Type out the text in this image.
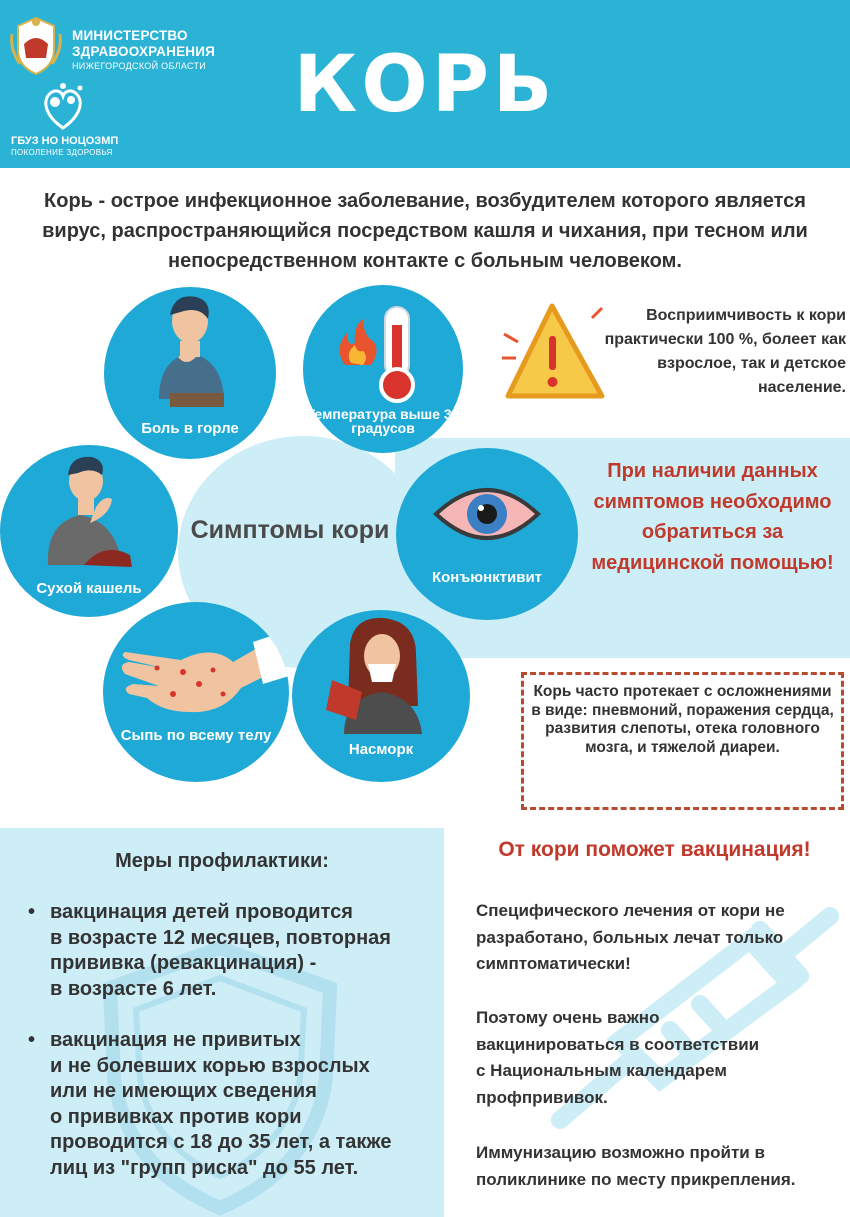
МИНИСТЕРСТВО
ЗДРАВООХРАНЕНИЯ
НИЖЕГОРОДСКОЙ ОБЛАСТИ
ГБУЗ НО НОЦОЗМП
ПОКОЛЕНИЕ ЗДОРОВЬЯ
КОРЬ
Корь - острое инфекционное заболевание, возбудителем которого является вирус, распространяющийся посредством кашля и чихания, при тесном или непосредственном контакте с больным человеком.
Симптомы кори
Боль в горле
Температура выше 38 градусов
Сухой кашель
Конъюнктивит
Сыпь по всему телу
Насморк
Восприимчивость к кори практически 100 %, болеет как взрослое, так и детское население.
При наличии данных симптомов необходимо обратиться за медицинской помощью!
Корь часто протекает с осложнениями в виде: пневмоний, поражения сердца, развития слепоты, отека головного мозга, и тяжелой диареи.
Меры профилактики:
• вакцинация детей проводится
в возрасте 12 месяцев, повторная
прививка (ревакцинация) -
в возрасте 6 лет.
• вакцинация не привитых
и не болевших корью взрослых
или не имеющих сведения
о прививках против кори
проводится с 18 до 35 лет, а также
лиц из "групп риска" до 55 лет.
От кори поможет вакцинация!
Специфического лечения от кори не
разработано, больных лечат только
симптоматически!
Поэтому очень важно
вакцинироваться в соответствии
с Национальным календарем
профпрививок.
Иммунизацию возможно пройти в
поликлинике по месту прикрепления.
